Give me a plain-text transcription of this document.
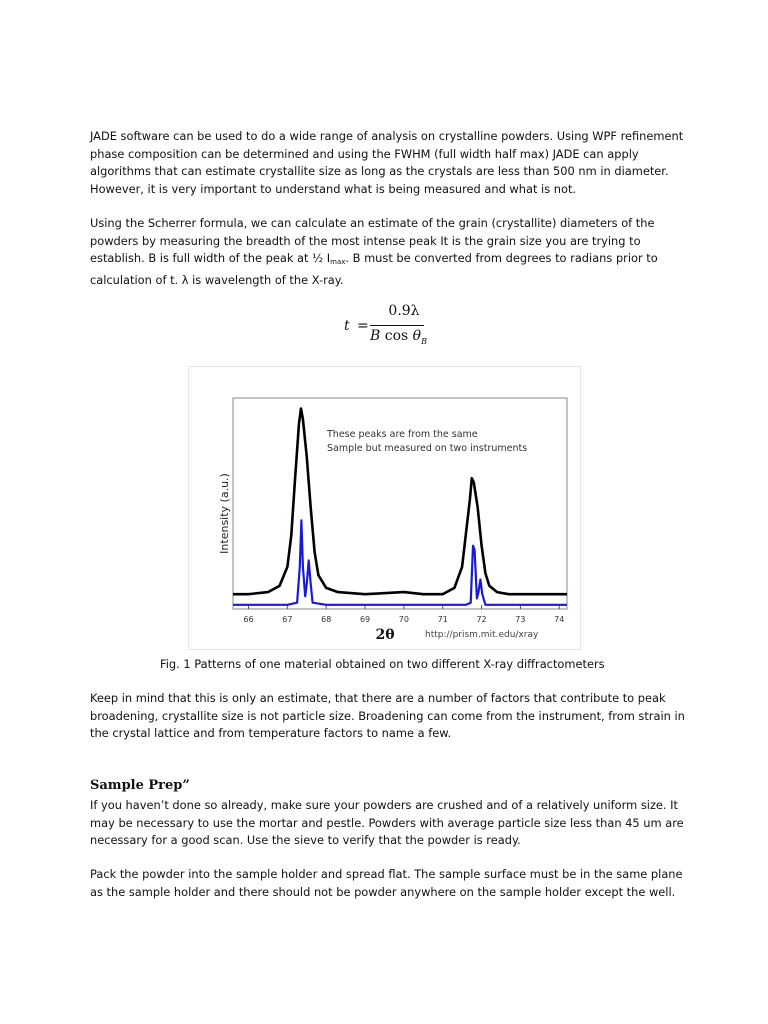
JADE software can be used to do a wide range of analysis on crystalline powders. Using WPF refinement phase composition can be determined and using the FWHM (full width half max) JADE can apply algorithms that can estimate crystallite size as long as the crystals are less than 500 nm in diameter. However, it is very important to understand what is being measured and what is not.

Using the Scherrer formula, we can calculate an estimate of the grain (crystallite) diameters of the powders by measuring the breadth of the most intense peak It is the grain size you are trying to establish. B is full width of the peak at ½ $I_{max}$. B must be converted from degrees to radians prior to calculation of t. λ is wavelength of the X-ray.

t =
0.9λ
B $\cos \theta_B$
66	67	68	69	70	71	72	73	74
Intensity (a.u.)
2θ
These peaks are from the same
Sample but measured on two instruments
http://prism.mit.edu/xray

Fig. 1 Patterns of one material obtained on two different X-ray diffractometers

Keep in mind that this is only an estimate, that there are a number of factors that contribute to peak broadening, crystallite size is not particle size. Broadening can come from the instrument, from strain in the crystal lattice and from temperature factors to name a few.

Sample Prep”

If you haven’t done so already, make sure your powders are crushed and of a relatively uniform size. It may be necessary to use the mortar and pestle. Powders with average particle size less than 45 um are necessary for a good scan. Use the sieve to verify that the powder is ready.

Pack the powder into the sample holder and spread flat. The sample surface must be in the same plane as the sample holder and there should not be powder anywhere on the sample holder except the well.
